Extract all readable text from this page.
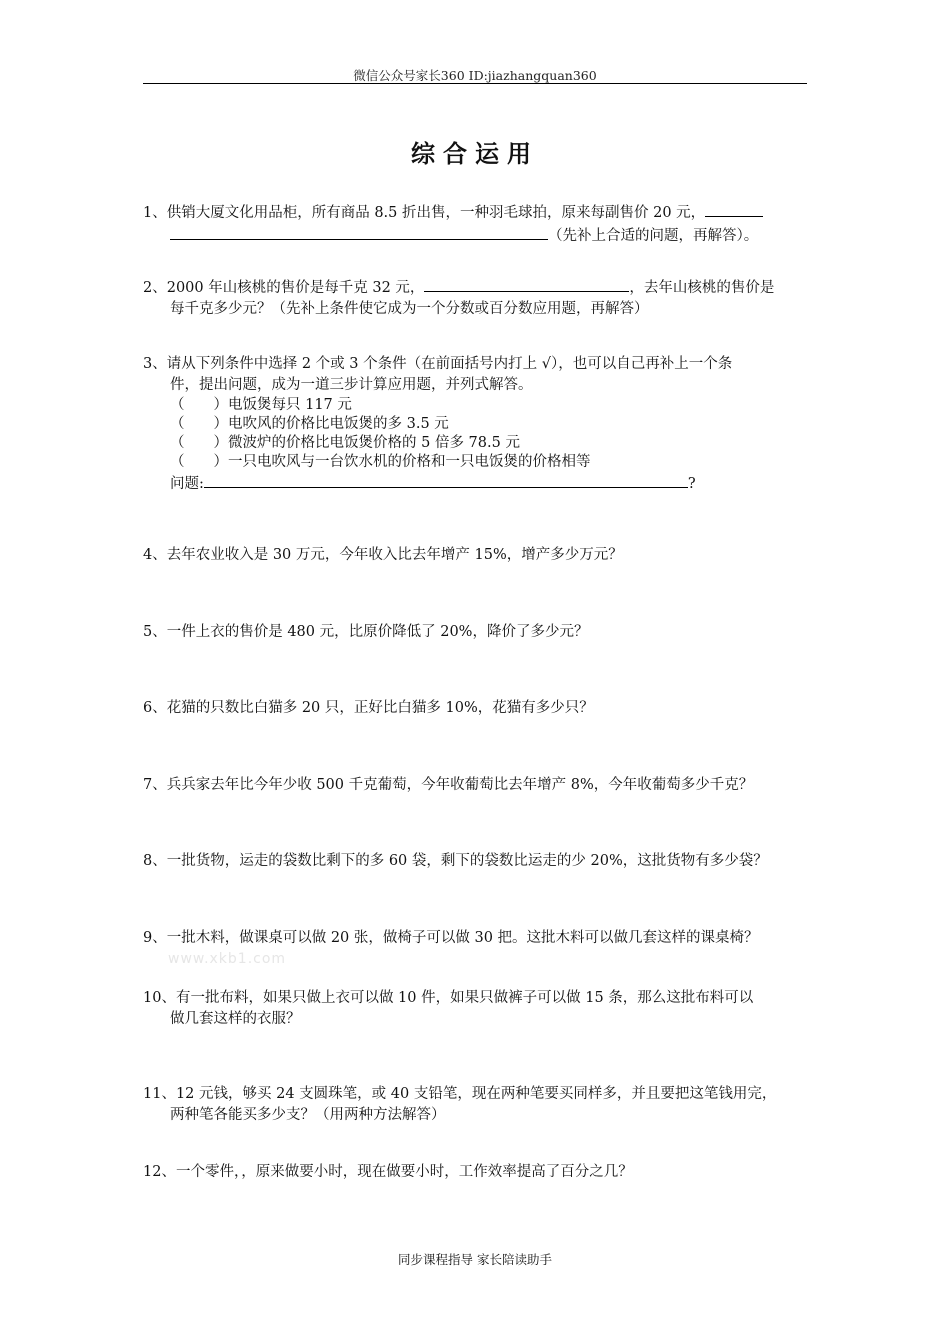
微信公众号家长360 ID:jiazhangquan360
综合运用
1、供销大厦文化用品柜，所有商品 8.5 折出售，一种羽毛球拍，原来每副售价 20 元，
（先补上合适的问题，再解答）。
2、2000 年山核桃的售价是每千克 32 元，	，去年山核桃的售价是
每千克多少元？（先补上条件使它成为一个分数或百分数应用题，再解答）
3、请从下列条件中选择 2 个或 3 个条件（在前面括号内打上 √），也可以自己再补上一个条
件，提出问题，成为一道三步计算应用题，并列式解答。
（　　）电饭煲每只 117 元
（　　）电吹风的价格比电饭煲的多 3.5 元
（　　）微波炉的价格比电饭煲价格的 5 倍多 78.5 元
（　　）一只电吹风与一台饮水机的价格和一只电饭煲的价格相等
问题:	?
4、去年农业收入是 30 万元，今年收入比去年增产 15%，增产多少万元？
5、一件上衣的售价是 480 元，比原价降低了 20%，降价了多少元？
6、花猫的只数比白猫多 20 只，正好比白猫多 10%，花猫有多少只？
7、兵兵家去年比今年少收 500 千克葡萄，今年收葡萄比去年增产 8%，今年收葡萄多少千克？
8、一批货物，运走的袋数比剩下的多 60 袋，剩下的袋数比运走的少 20%，这批货物有多少袋？
9、一批木料，做课桌可以做 20 张，做椅子可以做 30 把。这批木料可以做几套这样的课桌椅？
www.xkb1.com
10、有一批布料，如果只做上衣可以做 10 件，如果只做裤子可以做 15 条，那么这批布料可以
做几套这样的衣服？
11、12 元钱，够买 24 支圆珠笔，或 40 支铅笔，现在两种笔要买同样多，并且要把这笔钱用完，
两种笔各能买多少支？（用两种方法解答）
12、一个零件，，原来做要小时，现在做要小时，工作效率提高了百分之几？
同步课程指导 家长陪读助手
